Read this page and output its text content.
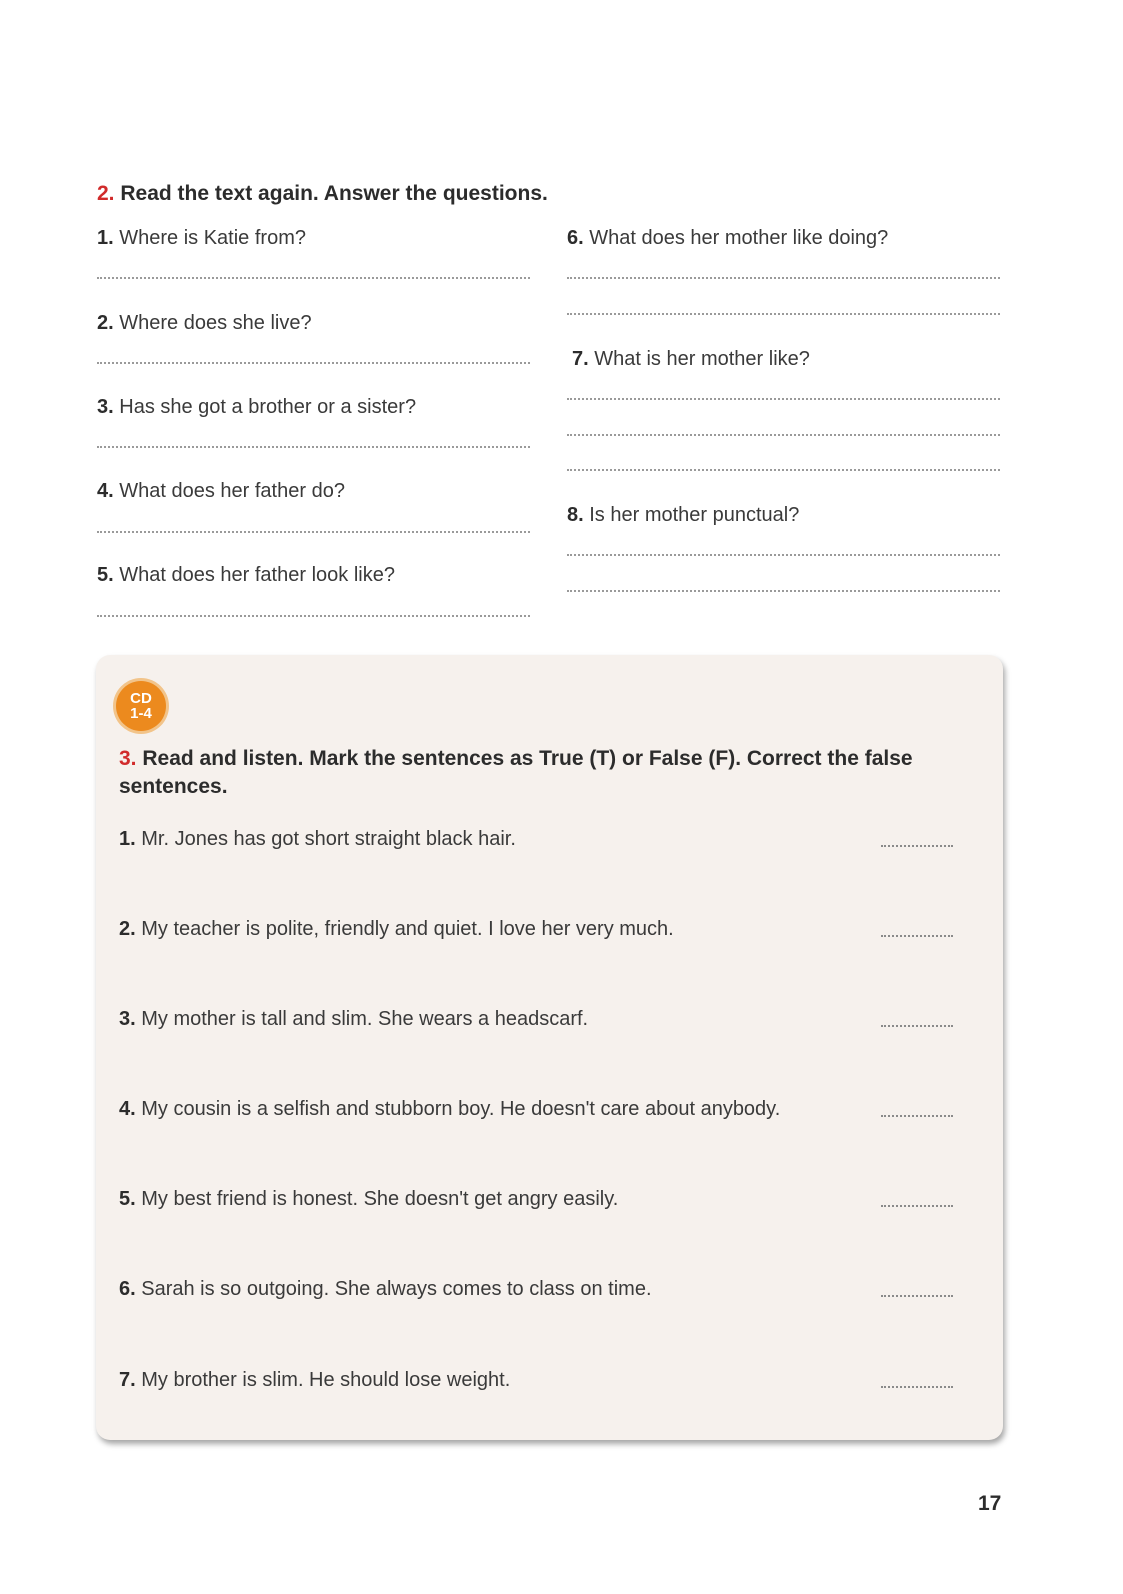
2. Read the text again. Answer the questions.

1. Where is Katie from?

2. Where does she live?

3. Has she got a brother or a sister?

4. What does her father do?

5. What does her father look like?

6. What does her mother like doing?

7. What is her mother like?

8. Is her mother punctual?

CD
1-4

3. Read and listen. Mark the sentences as True (T) or False (F). Correct the false sentences.

1. Mr. Jones has got short straight black hair.

2. My teacher is polite, friendly and quiet. I love her very much.

3. My mother is tall and slim. She wears a headscarf.

4. My cousin is a selfish and stubborn boy. He doesn't care about anybody.

5. My best friend is honest. She doesn't get angry easily.

6. Sarah is so outgoing. She always comes to class on time.

7. My brother is slim. He should lose weight.

17
